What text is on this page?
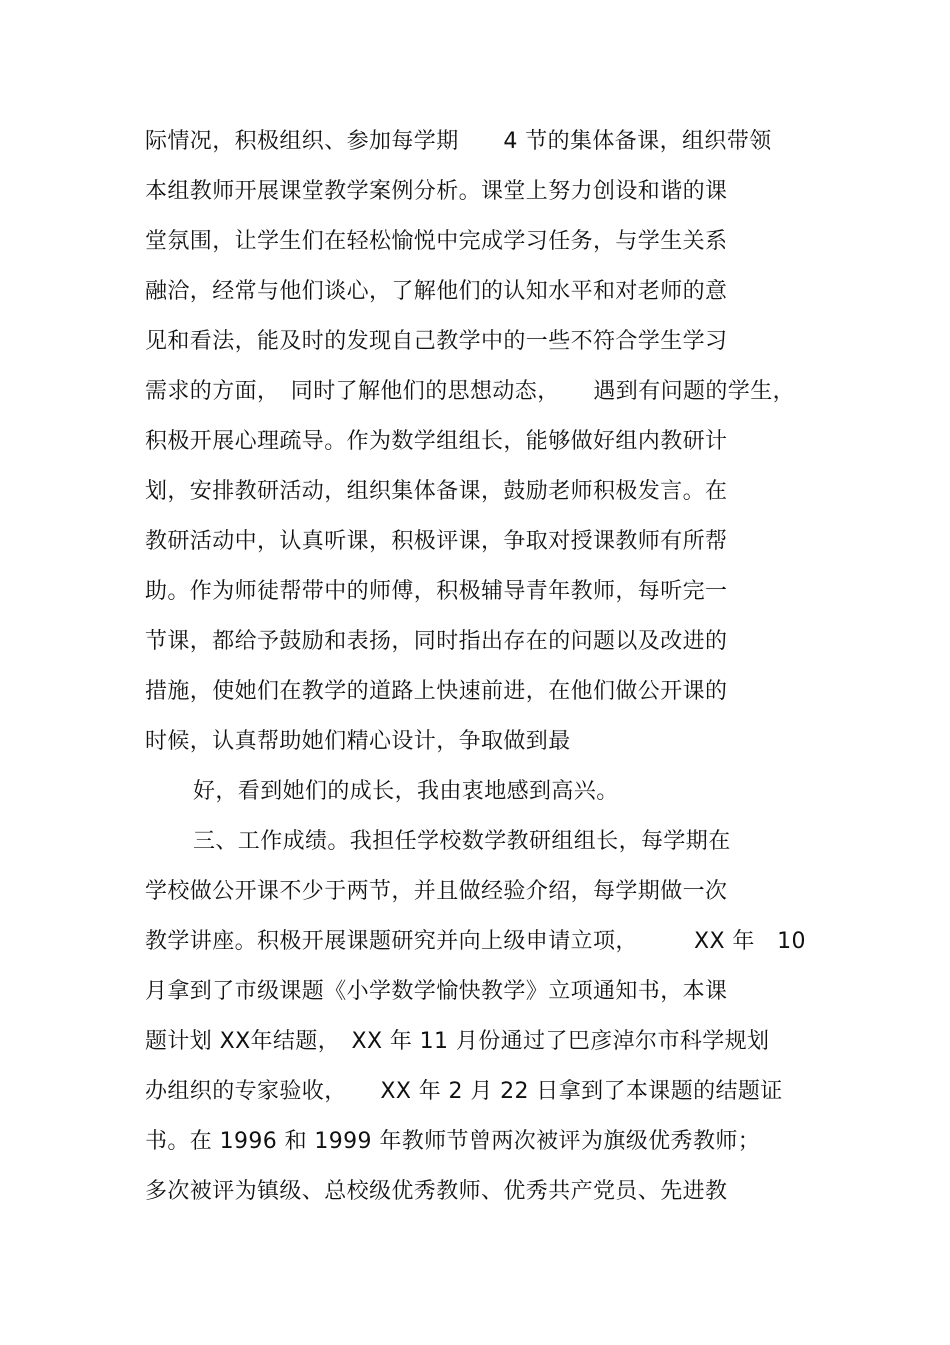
际情况，积极组织、参加每学期　　4 节的集体备课，组织带领
本组教师开展课堂教学案例分析。课堂上努力创设和谐的课
堂氛围，让学生们在轻松愉悦中完成学习任务，与学生关系
融洽，经常与他们谈心，了解他们的认知水平和对老师的意
见和看法，能及时的发现自己教学中的一些不符合学生学习
需求的方面，　同时了解他们的思想动态，　　遇到有问题的学生，
积极开展心理疏导。作为数学组组长，能够做好组内教研计
划，安排教研活动，组织集体备课，鼓励老师积极发言。在
教研活动中，认真听课，积极评课，争取对授课教师有所帮
助。作为师徒帮带中的师傅，积极辅导青年教师，每听完一
节课，都给予鼓励和表扬，同时指出存在的问题以及改进的
措施，使她们在教学的道路上快速前进，在他们做公开课的
时候，认真帮助她们精心设计，争取做到最
好，看到她们的成长，我由衷地感到高兴。
三、工作成绩。我担任学校数学教研组组长，每学期在
学校做公开课不少于两节，并且做经验介绍，每学期做一次
教学讲座。积极开展课题研究并向上级申请立项，　　　XX 年　10
月拿到了市级课题《小学数学愉快教学》立项通知书，本课
题计划 XX年结题，　XX 年 11 月份通过了巴彦淖尔市科学规划
办组织的专家验收，　　XX 年 2 月 22 日拿到了本课题的结题证
书。在 1996 和 1999 年教师节曾两次被评为旗级优秀教师；
多次被评为镇级、总校级优秀教师、优秀共产党员、先进教
